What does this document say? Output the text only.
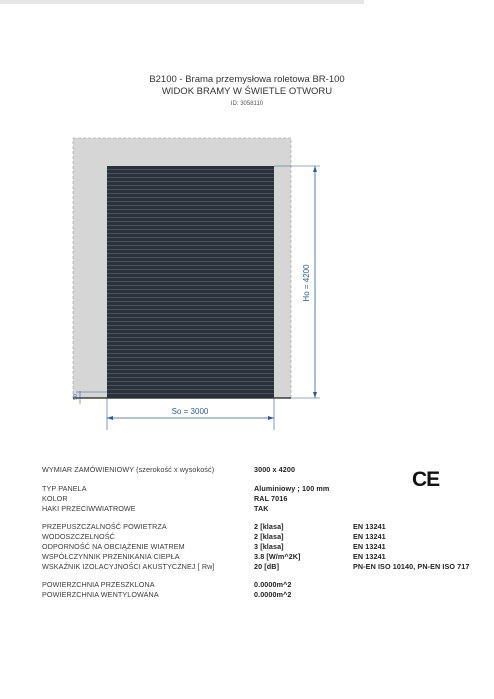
B2100 - Brama przemysłowa roletowa BR-100
WIDOK BRAMY W ŚWIETLE OTWORU
ID: 3058110
Ho = 4200
So = 3000
50
WYMIAR ZAMÓWIENIOWY (szerokość x wysokość)	3000 x 4200
TYP PANELA	Aluminiowy ; 100 mm
KOLOR	RAL 7016
HAKI PRZECIWWIATROWE	TAK
PRZEPUSZCZALNOŚĆ POWIETRZA	2 [klasa]	EN 13241
WODOSZCZELNOŚĆ	2 [klasa]	EN 13241
ODPORNOŚĆ NA OBCIĄŻENIE WIATREM	3 [klasa]	EN 13241
WSPÓŁCZYNNIK PRZENIKANIA CIEPŁA	3.8 [W/m^2K]	EN 13241
WSKAŹNIK IZOLACYJNOŚCI AKUSTYCZNEJ [ Rw]	20 [dB]	PN-EN ISO 10140, PN-EN ISO 717
POWIERZCHNIA PRZESZKLONA	0.0000m^2
POWIERZCHNIA WENTYLOWANA	0.0000m^2
CE
